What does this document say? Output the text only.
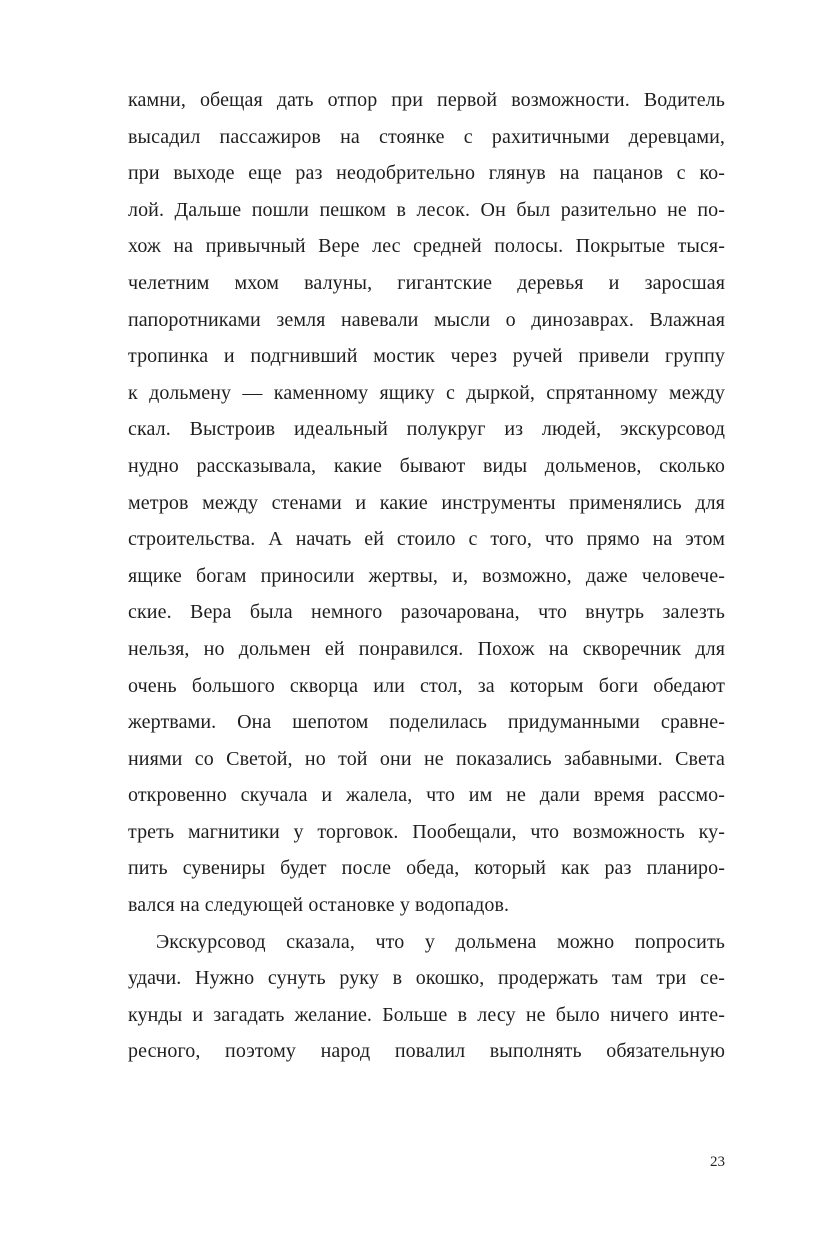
камни, обещая дать отпор при первой возможности. Водитель
высадил пассажиров на стоянке с рахитичными деревцами,
при выходе еще раз неодобрительно глянув на пацанов с ко-
лой. Дальше пошли пешком в лесок. Он был разительно не по-
хож на привычный Вере лес средней полосы. Покрытые тыся-
челетним мхом валуны, гигантские деревья и заросшая
папоротниками земля навевали мысли о динозаврах. Влажная
тропинка и подгнивший мостик через ручей привели группу
к дольмену — каменному ящику с дыркой, спрятанному между
скал. Выстроив идеальный полукруг из людей, экскурсовод
нудно рассказывала, какие бывают виды дольменов, сколько
метров между стенами и какие инструменты применялись для
строительства. А начать ей стоило с того, что прямо на этом
ящике богам приносили жертвы, и, возможно, даже человече-
ские. Вера была немного разочарована, что внутрь залезть
нельзя, но дольмен ей понравился. Похож на скворечник для
очень большого скворца или стол, за которым боги обедают
жертвами. Она шепотом поделилась придуманными сравне-
ниями со Светой, но той они не показались забавными. Света
откровенно скучала и жалела, что им не дали время рассмо-
треть магнитики у торговок. Пообещали, что возможность ку-
пить сувениры будет после обеда, который как раз планиро-
вался на следующей остановке у водопадов.
Экскурсовод сказала, что у дольмена можно попросить
удачи. Нужно сунуть руку в окошко, продержать там три се-
кунды и загадать желание. Больше в лесу не было ничего инте-
ресного, поэтому народ повалил выполнять обязательную
23
